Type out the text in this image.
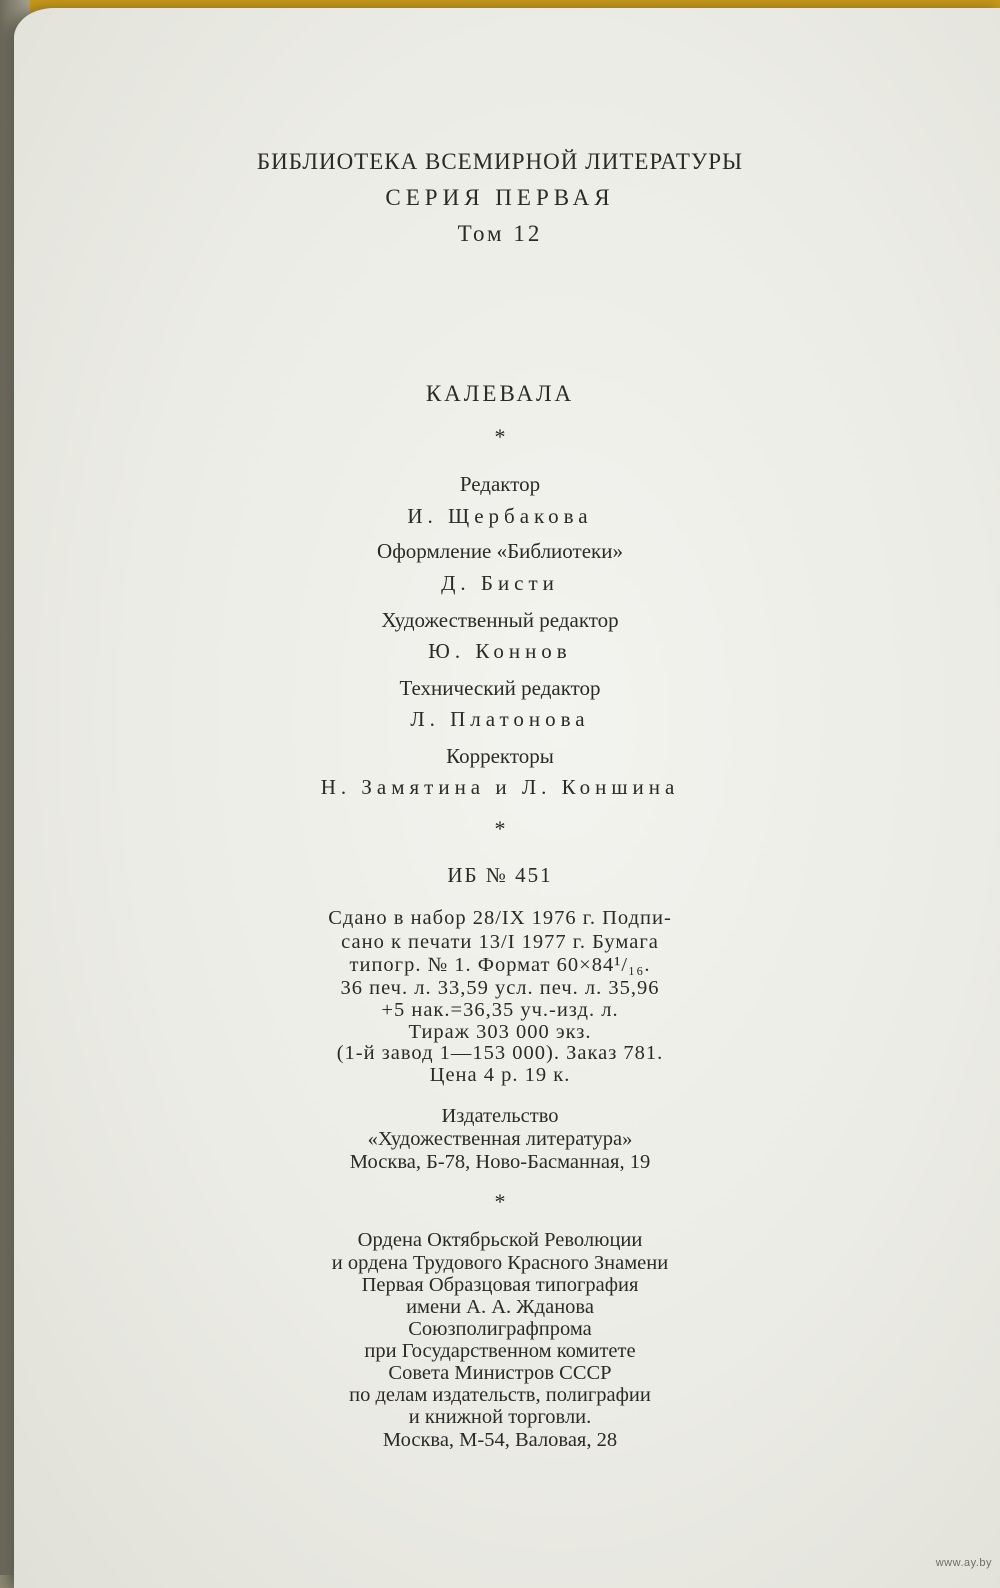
БИБЛИОТЕКА ВСЕМИРНОЙ ЛИТЕРАТУРЫ
СЕРИЯ ПЕРВАЯ
Том 12
КАЛЕВАЛА
*
Редактор
И. Щербакова
Оформление «Библиотеки»
Д. Бисти
Художественный редактор
Ю. Коннов
Технический редактор
Л. Платонова
Корректоры
Н. Замятина и Л. Коншина
*
ИБ № 451
Сдано в набор 28/IX 1976 г. Подпи-
сано к печати 13/I 1977 г. Бумага
типогр. № 1. Формат 60×84¹/₁₆.
36 печ. л. 33,59 усл. печ. л. 35,96
+5 нак.=36,35 уч.-изд. л.
Тираж 303 000 экз.
(1-й завод 1—153 000). Заказ 781.
Цена 4 р. 19 к.
Издательство
«Художественная литература»
Москва, Б-78, Ново-Басманная, 19
*
Ордена Октябрьской Революции
и ордена Трудового Красного Знамени
Первая Образцовая типография
имени А. А. Жданова
Союзполиграфпрома
при Государственном комитете
Совета Министров СССР
по делам издательств, полиграфии
и книжной торговли.
Москва, М-54, Валовая, 28
www.ay.by
